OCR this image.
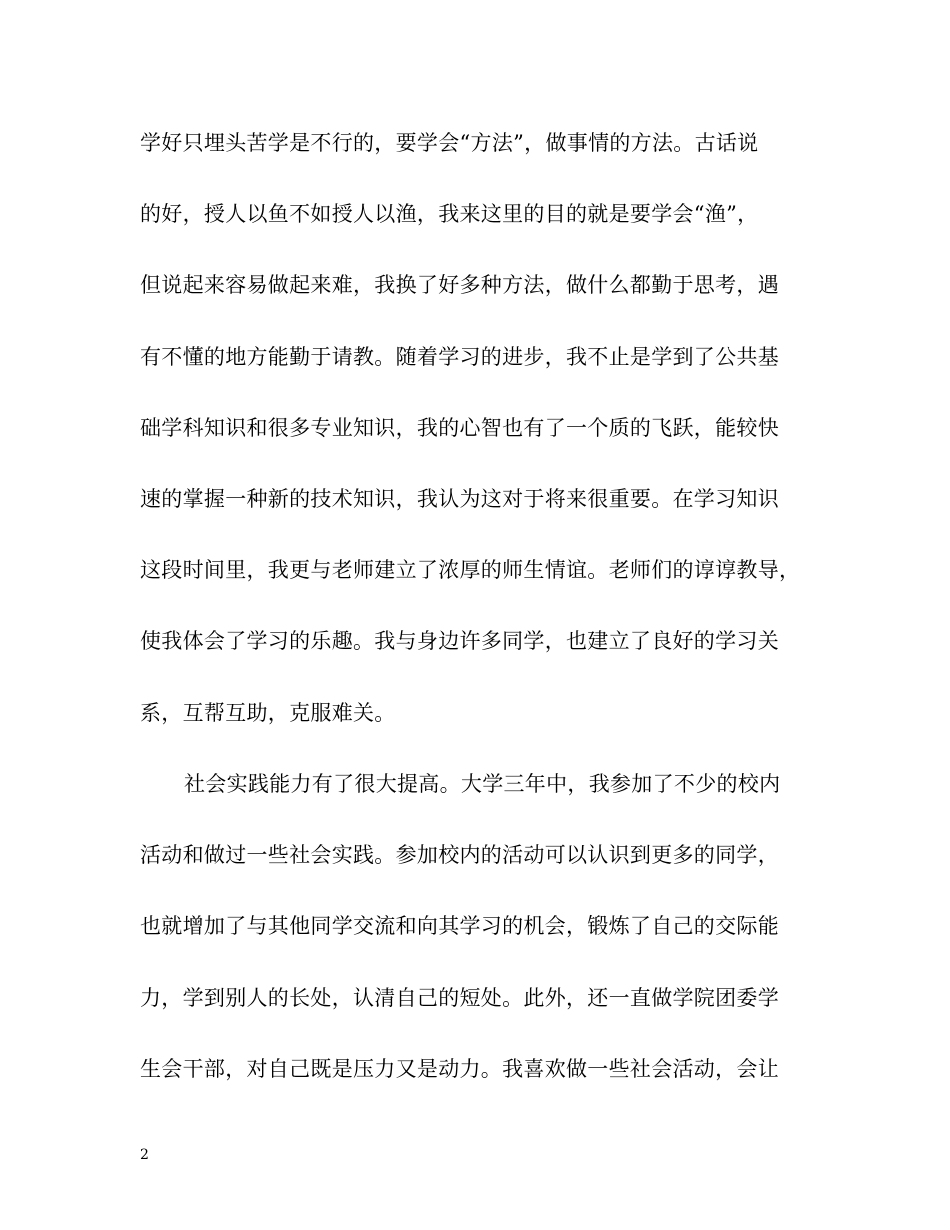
学好只埋头苦学是不行的，要学会“方法”，做事情的方法。古话说
的好，授人以鱼不如授人以渔，我来这里的目的就是要学会“渔”，
但说起来容易做起来难，我换了好多种方法，做什么都勤于思考，遇
有不懂的地方能勤于请教。随着学习的进步，我不止是学到了公共基
础学科知识和很多专业知识，我的心智也有了一个质的飞跃，能较快
速的掌握一种新的技术知识，我认为这对于将来很重要。在学习知识
这段时间里，我更与老师建立了浓厚的师生情谊。老师们的谆谆教导，
使我体会了学习的乐趣。我与身边许多同学，也建立了良好的学习关
系，互帮互助，克服难关。
社会实践能力有了很大提高。大学三年中，我参加了不少的校内
活动和做过一些社会实践。参加校内的活动可以认识到更多的同学，
也就增加了与其他同学交流和向其学习的机会，锻炼了自己的交际能
力，学到别人的长处，认清自己的短处。此外，还一直做学院团委学
生会干部，对自己既是压力又是动力。我喜欢做一些社会活动，会让
2
